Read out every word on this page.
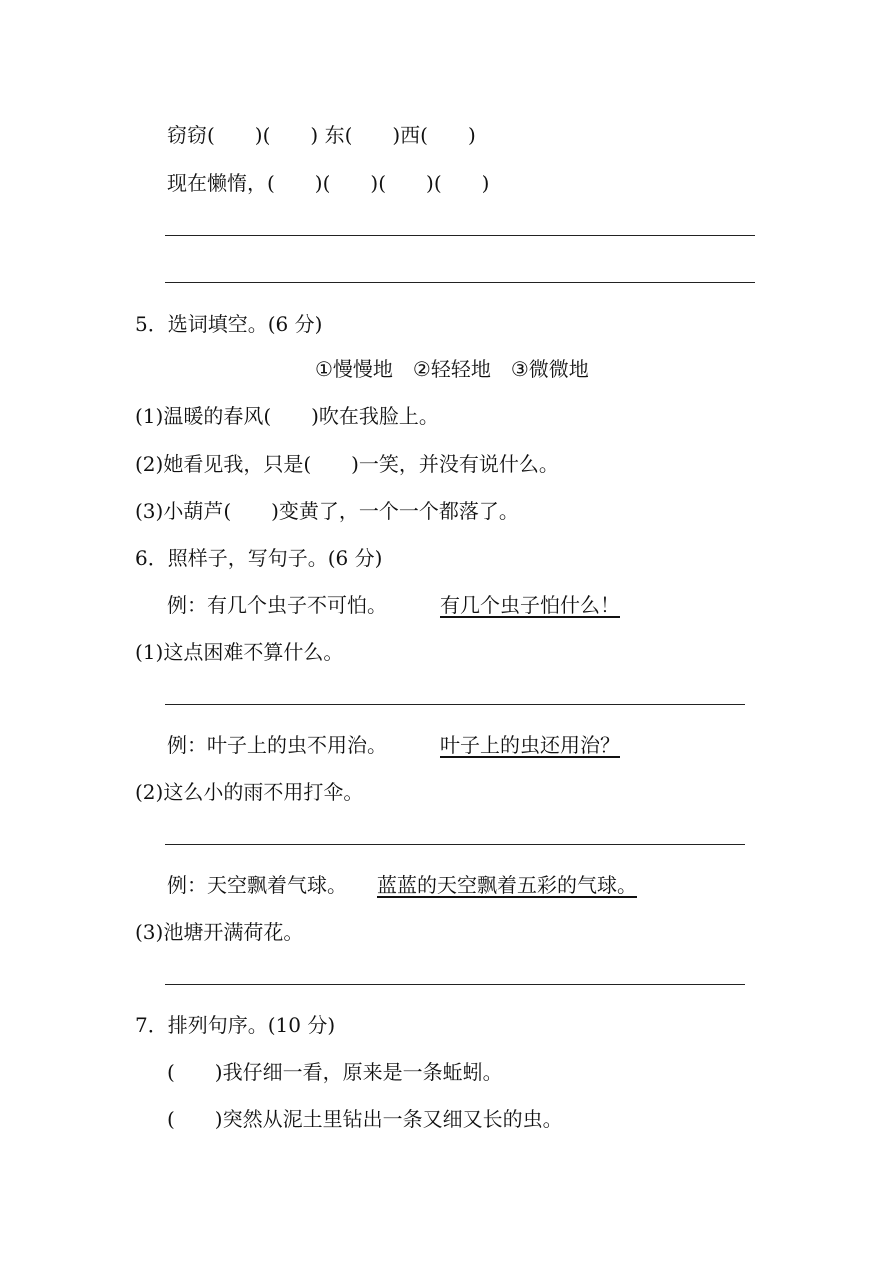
窃窃(　　)(　　) 东(　　)西(　　)
现在懒惰，(　　)(　　)(　　)(　　)
5．选词填空。(6 分)
①慢慢地　②轻轻地　③微微地
(1)温暖的春风(　　)吹在我脸上。
(2)她看见我，只是(　　)一笑，并没有说什么。
(3)小葫芦(　　)变黄了，一个一个都落了。
6．照样子，写句子。(6 分)
例：有几个虫子不可怕。	有几个虫子怕什么！
(1)这点困难不算什么。
例：叶子上的虫不用治。	叶子上的虫还用治？
(2)这么小的雨不用打伞。
例：天空飘着气球。 蓝蓝的天空飘着五彩的气球。
(3)池塘开满荷花。
7．排列句序。(10 分)
(　　)我仔细一看，原来是一条蚯蚓。
(　　)突然从泥土里钻出一条又细又长的虫。
